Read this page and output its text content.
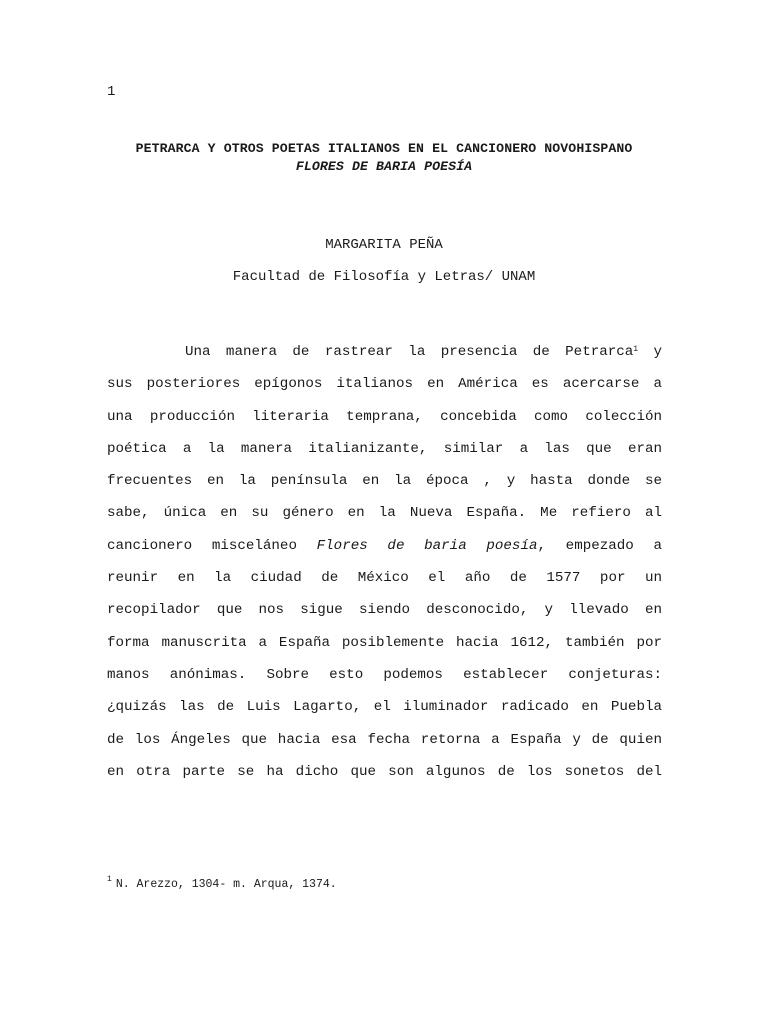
1
PETRARCA Y OTROS POETAS ITALIANOS EN EL CANCIONERO NOVOHISPANO
FLORES DE BARIA POESÍA
MARGARITA PEÑA
Facultad de Filosofía y Letras/ UNAM
Una manera de rastrear la presencia de Petrarca$^1$ y
sus posteriores epígonos italianos en América es acercarse a
una producción literaria temprana, concebida como colección
poética a la manera italianizante, similar a las que eran
frecuentes en la península en la época , y hasta donde se
sabe, única en su género en la Nueva España. Me refiero al
cancionero misceláneo Flores de baria poesía, empezado a
reunir en la ciudad de México el año de 1577 por un
recopilador que nos sigue siendo desconocido, y llevado en
forma manuscrita a España posiblemente hacia 1612, también por
manos anónimas. Sobre esto podemos establecer conjeturas:
¿quizás las de Luis Lagarto, el iluminador radicado en Puebla
de los Ángeles que hacia esa fecha retorna a España y de quien
en otra parte se ha dicho que son algunos de los sonetos del
$^1$ N. Arezzo, 1304- m. Arqua, 1374.
